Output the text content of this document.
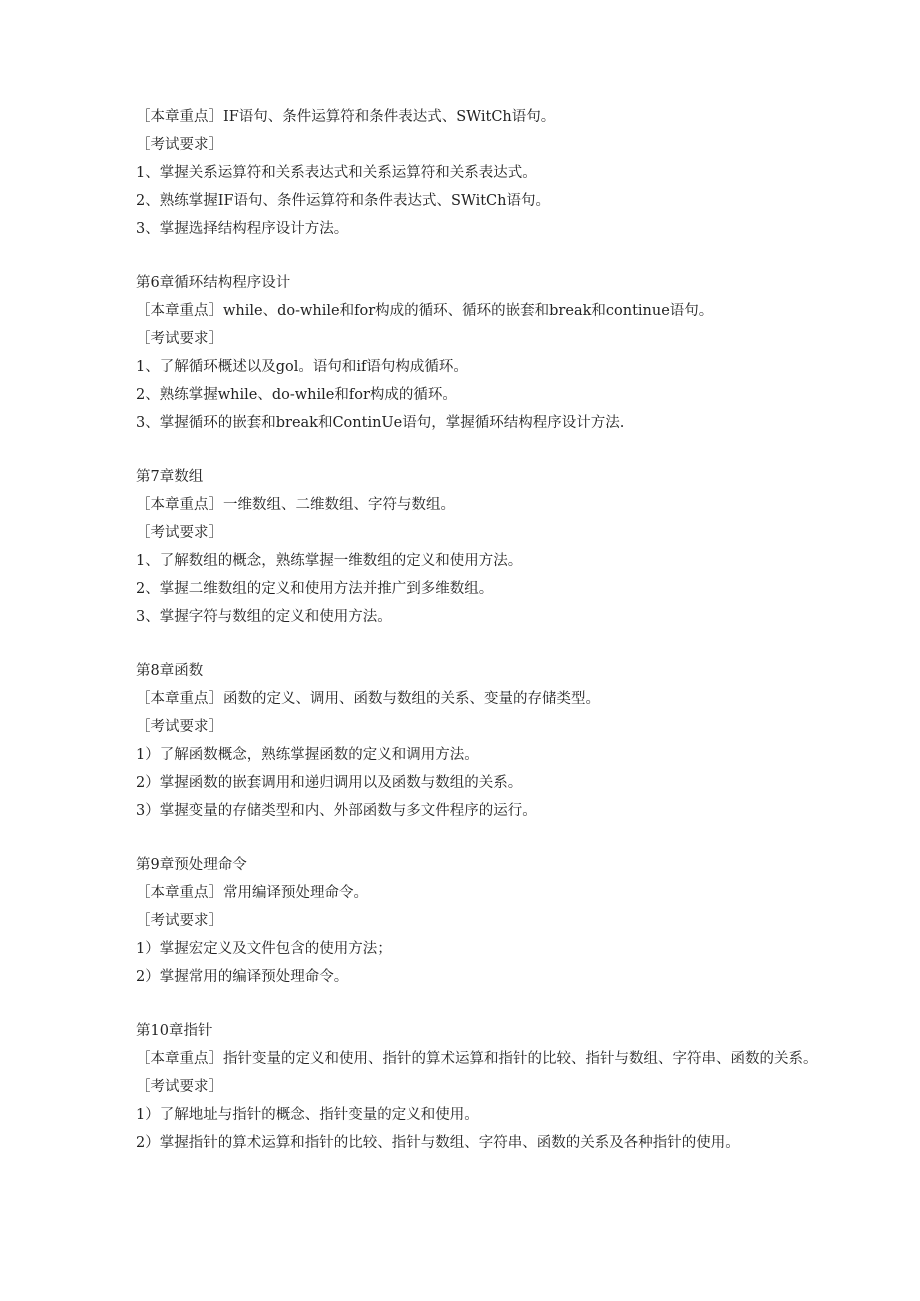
［本章重点］IF语句、条件运算符和条件表达式、SWitCh语句。
［考试要求］
1、掌握关系运算符和关系表达式和关系运算符和关系表达式。
2、熟练掌握IF语句、条件运算符和条件表达式、SWitCh语句。
3、掌握选择结构程序设计方法。
第6章循环结构程序设计
［本章重点］while、do-while和for构成的循环、循环的嵌套和break和continue语句。
［考试要求］
1、了解循环概述以及gol。语句和if语句构成循环。
2、熟练掌握while、do-while和for构成的循环。
3、掌握循环的嵌套和break和ContinUe语句，掌握循环结构程序设计方法.
第7章数组
［本章重点］一维数组、二维数组、字符与数组。
［考试要求］
1、了解数组的概念，熟练掌握一维数组的定义和使用方法。
2、掌握二维数组的定义和使用方法并推广到多维数组。
3、掌握字符与数组的定义和使用方法。
第8章函数
［本章重点］函数的定义、调用、函数与数组的关系、变量的存储类型。
［考试要求］
1）了解函数概念，熟练掌握函数的定义和调用方法。
2）掌握函数的嵌套调用和递归调用以及函数与数组的关系。
3）掌握变量的存储类型和内、外部函数与多文件程序的运行。
第9章预处理命令
［本章重点］常用编译预处理命令。
［考试要求］
1）掌握宏定义及文件包含的使用方法；
2）掌握常用的编译预处理命令。
第10章指针
［本章重点］指针变量的定义和使用、指针的算术运算和指针的比较、指针与数组、字符串、函数的关系。
［考试要求］
1）了解地址与指针的概念、指针变量的定义和使用。
2）掌握指针的算术运算和指针的比较、指针与数组、字符串、函数的关系及各种指针的使用。
